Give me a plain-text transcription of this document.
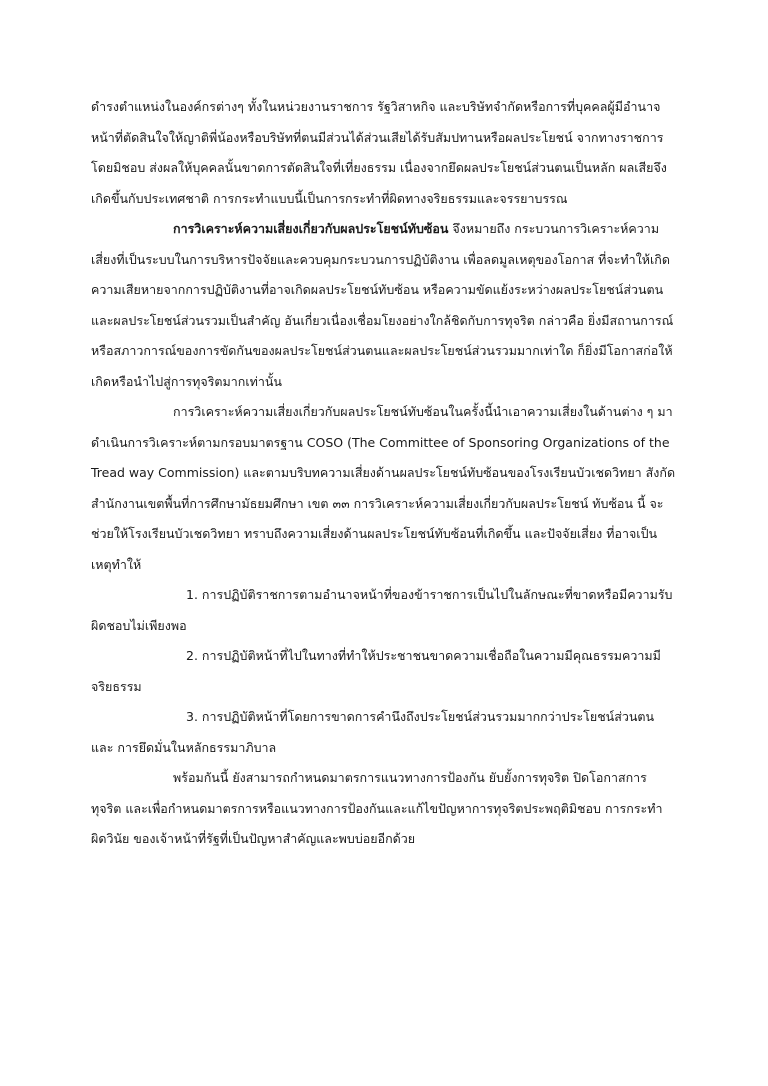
ดำรงตำแหน่งในองค์กรต่างๆ ทั้งในหน่วยงานราชการ รัฐวิสาหกิจ และบริษัทจำกัดหรือการที่บุคคลผู้มีอำนาจหน้าที่ตัดสินใจให้ญาติพี่น้องหรือบริษัทที่ตนมีส่วนได้ส่วนเสียได้รับสัมปทานหรือผลประโยชน์ จากทางราชการโดยมิชอบ ส่งผลให้บุคคลนั้นขาดการตัดสินใจที่เที่ยงธรรม เนื่องจากยึดผลประโยชน์ส่วนตนเป็นหลัก ผลเสียจึงเกิดขึ้นกับประเทศชาติ การกระทำแบบนี้เป็นการกระทำที่ผิดทางจริยธรรมและจรรยาบรรณ

การวิเคราะห์ความเสี่ยงเกี่ยวกับผลประโยชน์ทับซ้อน จึงหมายถึง กระบวนการวิเคราะห์ความเสี่ยงที่เป็นระบบในการบริหารปัจจัยและควบคุมกระบวนการปฏิบัติงาน เพื่อลดมูลเหตุของโอกาส ที่จะทำให้เกิดความเสียหายจากการปฏิบัติงานที่อาจเกิดผลประโยชน์ทับซ้อน หรือความขัดแย้งระหว่างผลประโยชน์ส่วนตนและผลประโยชน์ส่วนรวมเป็นสำคัญ อันเกี่ยวเนื่องเชื่อมโยงอย่างใกล้ชิดกับการทุจริต กล่าวคือ ยิ่งมีสถานการณ์หรือสภาวการณ์ของการขัดกันของผลประโยชน์ส่วนตนและผลประโยชน์ส่วนรวมมากเท่าใด ก็ยิ่งมีโอกาสก่อให้เกิดหรือนำไปสู่การทุจริตมากเท่านั้น

การวิเคราะห์ความเสี่ยงเกี่ยวกับผลประโยชน์ทับซ้อนในครั้งนี้นำเอาความเสี่ยงในด้านต่าง ๆ มาดำเนินการวิเคราะห์ตามกรอบมาตรฐาน COSO (The Committee of Sponsoring Organizations of the Tread way Commission) และตามบริบทความเสี่ยงด้านผลประโยชน์ทับซ้อนของโรงเรียนบัวเชดวิทยา สังกัดสำนักงานเขตพื้นที่การศึกษามัธยมศึกษา เขต ๓๓ การวิเคราะห์ความเสี่ยงเกี่ยวกับผลประโยชน์ ทับซ้อน นี้ จะช่วยให้โรงเรียนบัวเชดวิทยา ทราบถึงความเสี่ยงด้านผลประโยชน์ทับซ้อนที่เกิดขึ้น และปัจจัยเสี่ยง ที่อาจเป็นเหตุทำให้

1. การปฏิบัติราชการตามอำนาจหน้าที่ของข้าราชการเป็นไปในลักษณะที่ขาดหรือมีความรับผิดชอบไม่เพียงพอ

2. การปฏิบัติหน้าที่ไปในทางที่ทำให้ประชาชนขาดความเชื่อถือในความมีคุณธรรมความมีจริยธรรม

3. การปฏิบัติหน้าที่โดยการขาดการคำนึงถึงประโยชน์ส่วนรวมมากกว่าประโยชน์ส่วนตน และ การยึดมั่นในหลักธรรมาภิบาล

พร้อมกันนี้ ยังสามารถกำหนดมาตรการแนวทางการป้องกัน ยับยั้งการทุจริต ปิดโอกาสการทุจริต และเพื่อกำหนดมาตรการหรือแนวทางการป้องกันและแก้ไขปัญหาการทุจริตประพฤติมิชอบ การกระทำผิดวินัย ของเจ้าหน้าที่รัฐที่เป็นปัญหาสำคัญและพบบ่อยอีกด้วย
